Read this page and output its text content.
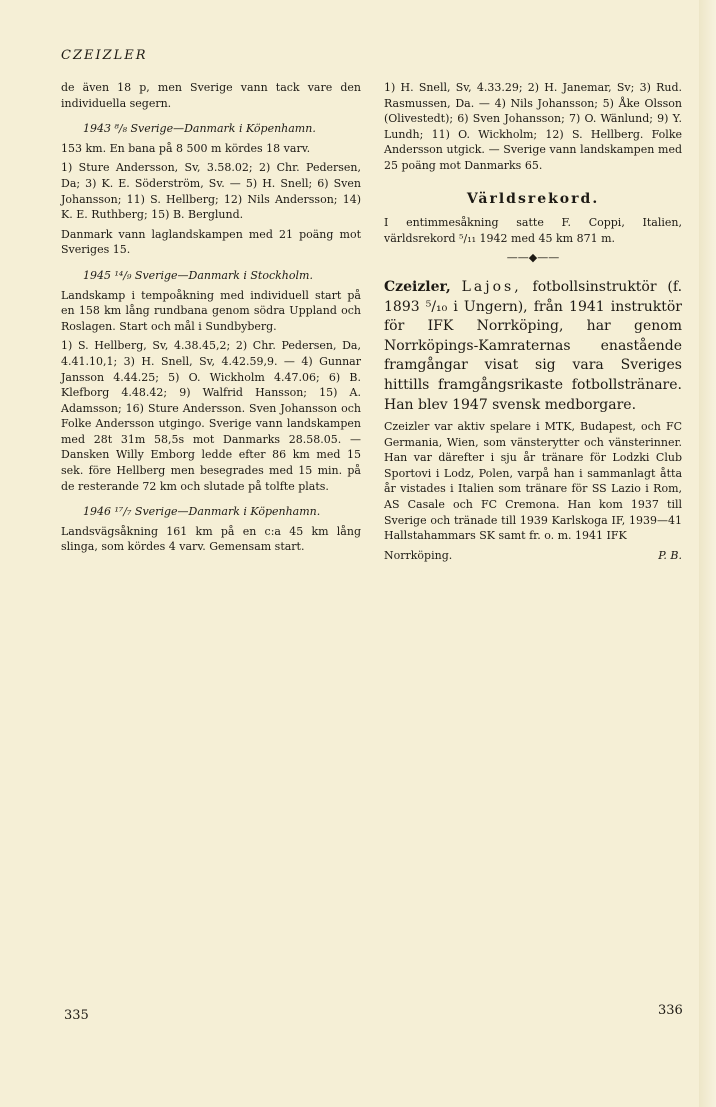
CZEIZLER

de även 18 p, men Sverige vann tack vare den individuella segern.

1943 ⁸/₈ Sverige—Danmark i Köpenhamn.

153 km. En bana på 8 500 m kördes 18 varv.

1) Sture Andersson, Sv, 3.58.02; 2) Chr. Pedersen, Da; 3) K. E. Söderström, Sv. — 5) H. Snell; 6) Sven Johansson; 11) S. Hellberg; 12) Nils Andersson; 14) K. E. Ruthberg; 15) B. Berglund.

Danmark vann laglandskampen med 21 poäng mot Sveriges 15.

1945 ¹⁴/₉ Sverige—Danmark i Stockholm.

Landskamp i tempoåkning med individuell start på en 158 km lång rundbana genom södra Uppland och Roslagen. Start och mål i Sundbyberg.

1) S. Hellberg, Sv, 4.38.45,2; 2) Chr. Pedersen, Da, 4.41.10,1; 3) H. Snell, Sv, 4.42.59,9. — 4) Gunnar Jansson 4.44.25; 5) O. Wickholm 4.47.06; 6) B. Klefborg 4.48.42; 9) Walfrid Hansson; 15) A. Adamsson; 16) Sture Andersson. Sven Johansson och Folke Andersson utgingo. Sverige vann landskampen med 28t 31m 58,5s mot Danmarks 28.58.05. — Dansken Willy Emborg ledde efter 86 km med 15 sek. före Hellberg men besegrades med 15 min. på de resterande 72 km och slutade på tolfte plats.

1946 ¹⁷/₇ Sverige—Danmark i Köpenhamn.

Landsvägsåkning 161 km på en c:a 45 km lång slinga, som kördes 4 varv. Gemensam start.

1) H. Snell, Sv, 4.33.29; 2) H. Janemar, Sv; 3) Rud. Rasmussen, Da. — 4) Nils Johansson; 5) Åke Olsson (Olivestedt); 6) Sven Johansson; 7) O. Wänlund; 9) Y. Lundh; 11) O. Wickholm; 12) S. Hellberg. Folke Andersson utgick. — Sverige vann landskampen med 25 poäng mot Danmarks 65.

Världsrekord.

I entimmesåkning satte F. Coppi, Italien, världsrekord ⁵/₁₁ 1942 med 45 km 871 m.

——◆——

Czeizler, Lajos, fotbollsinstruktör (f. 1893 ⁵/₁₀ i Ungern), från 1941 instruktör för IFK Norrköping, har genom Norrköpings-Kamraternas enastående framgångar visat sig vara Sveriges hittills framgångsrikaste fotbollstränare. Han blev 1947 svensk medborgare.

Czeizler var aktiv spelare i MTK, Budapest, och FC Germania, Wien, som vänsterytter och vänsterinner. Han var därefter i sju år tränare för Lodzki Club Sportovi i Lodz, Polen, varpå han i sammanlagt åtta år vistades i Italien som tränare för SS Lazio i Rom, AS Casale och FC Cremona. Han kom 1937 till Sverige och tränade till 1939 Karlskoga IF, 1939—41 Hallstahammars SK samt fr. o. m. 1941 IFK

Norrköping.	P. B.
335	336
